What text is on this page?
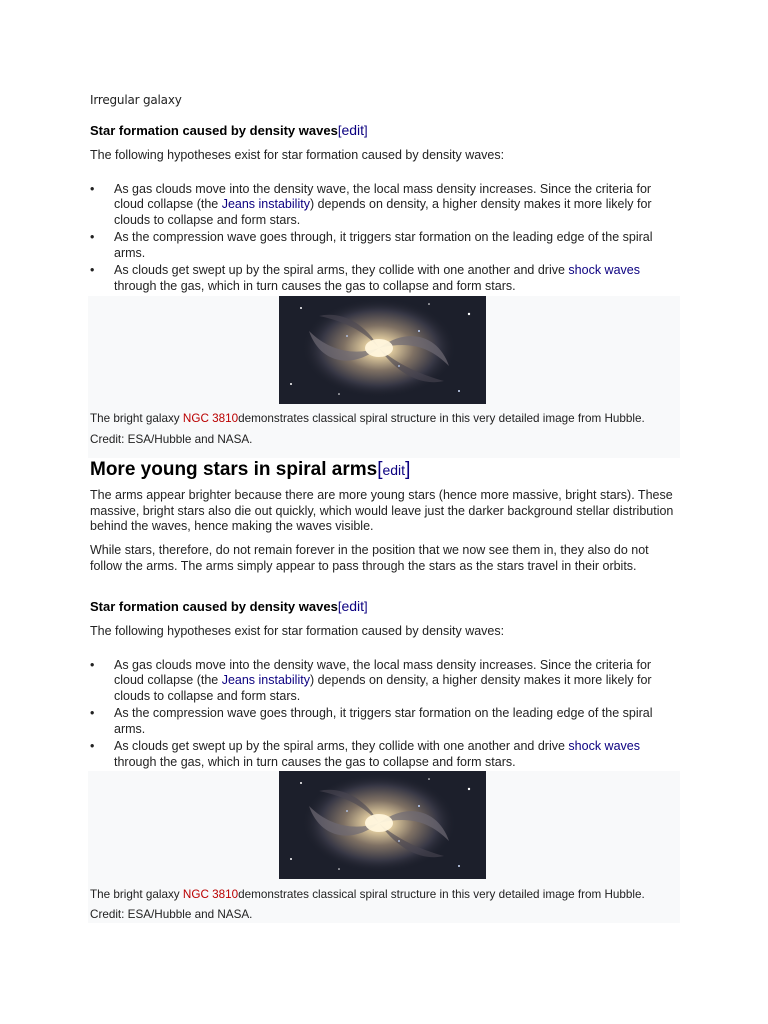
Irregular galaxy
Star formation caused by density waves[edit]

The following hypotheses exist for star formation caused by density waves:

• As gas clouds move into the density wave, the local mass density increases. Since the criteria for cloud collapse (the Jeans instability) depends on density, a higher density makes it more likely for clouds to collapse and form stars.
• As the compression wave goes through, it triggers star formation on the leading edge of the spiral arms.
• As clouds get swept up by the spiral arms, they collide with one another and drive shock waves through the gas, which in turn causes the gas to collapse and form stars.
The bright galaxy NGC 3810demonstrates classical spiral structure in this very detailed image from Hubble.
Credit: ESA/Hubble and NASA.
More young stars in spiral arms[edit]

The arms appear brighter because there are more young stars (hence more massive, bright stars). These massive, bright stars also die out quickly, which would leave just the darker background stellar distribution behind the waves, hence making the waves visible.

While stars, therefore, do not remain forever in the position that we now see them in, they also do not follow the arms. The arms simply appear to pass through the stars as the stars travel in their orbits.

Star formation caused by density waves[edit]

The following hypotheses exist for star formation caused by density waves:

• As gas clouds move into the density wave, the local mass density increases. Since the criteria for cloud collapse (the Jeans instability) depends on density, a higher density makes it more likely for clouds to collapse and form stars.
• As the compression wave goes through, it triggers star formation on the leading edge of the spiral arms.
• As clouds get swept up by the spiral arms, they collide with one another and drive shock waves through the gas, which in turn causes the gas to collapse and form stars.
The bright galaxy NGC 3810demonstrates classical spiral structure in this very detailed image from Hubble.
Credit: ESA/Hubble and NASA.
